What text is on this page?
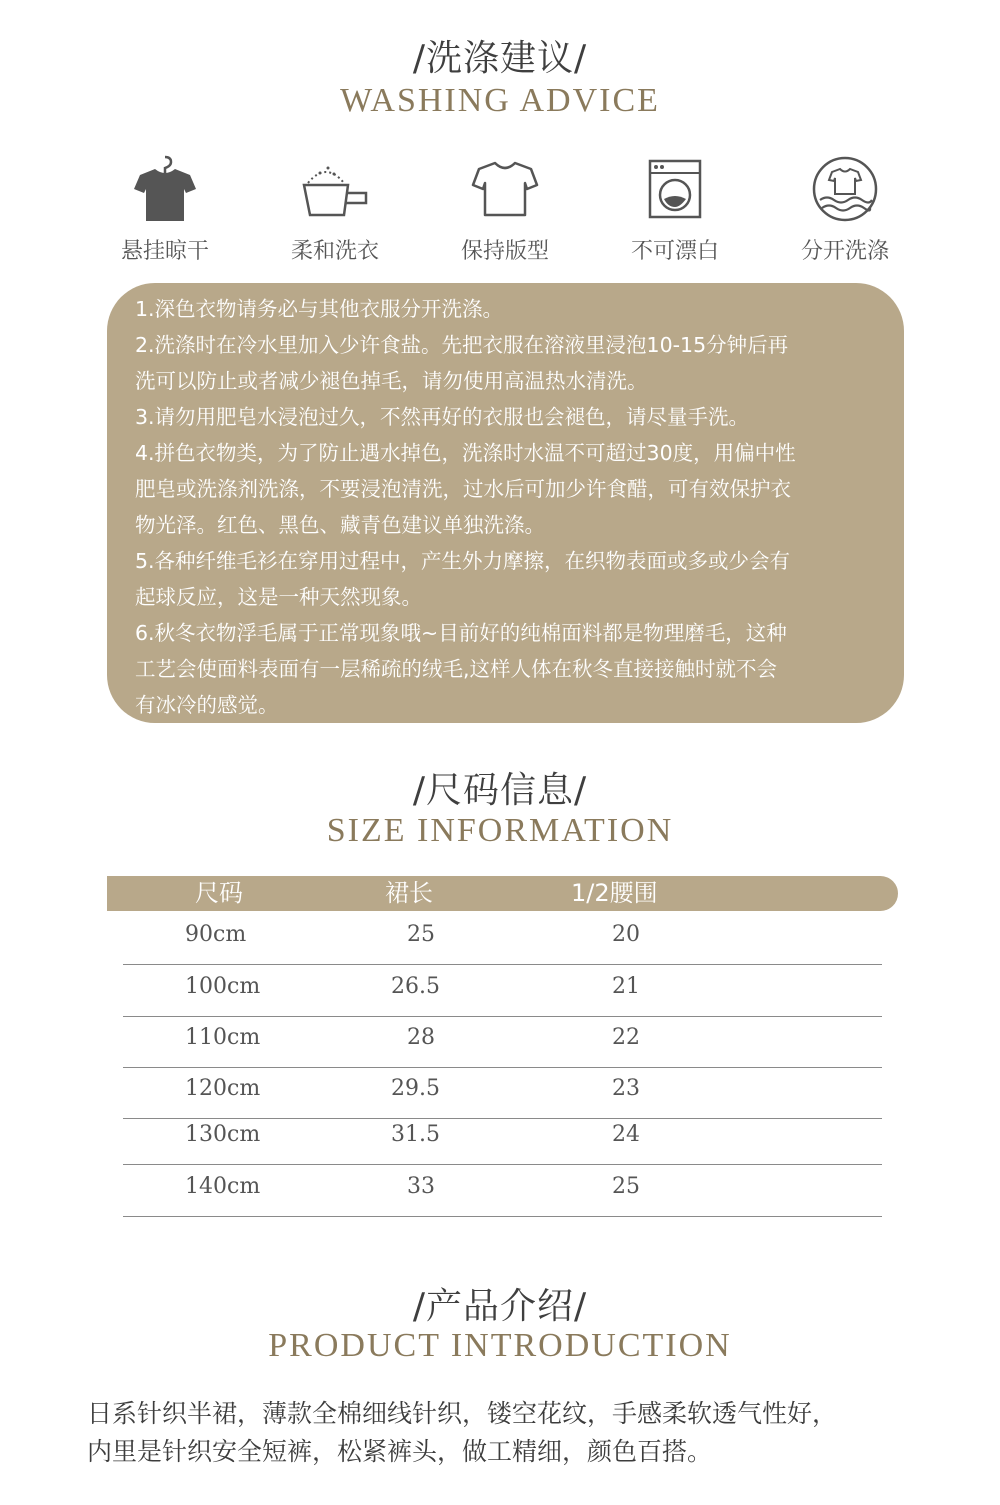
/洗涤建议/
WASHING ADVICE
悬挂晾干	柔和洗衣	保持版型	不可漂白	分开洗涤

1.深色衣物请务必与其他衣服分开洗涤。

2.洗涤时在冷水里加入少许食盐。先把衣服在溶液里浸泡10-15分钟后再

洗可以防止或者减少褪色掉毛，请勿使用高温热水清洗。

3.请勿用肥皂水浸泡过久，不然再好的衣服也会褪色，请尽量手洗。

4.拼色衣物类，为了防止遇水掉色，洗涤时水温不可超过30度，用偏中性

肥皂或洗涤剂洗涤，不要浸泡清洗，过水后可加少许食醋，可有效保护衣

物光泽。红色、黑色、藏青色建议单独洗涤。

5.各种纤维毛衫在穿用过程中，产生外力摩擦，在织物表面或多或少会有

起球反应，这是一种天然现象。

6.秋冬衣物浮毛属于正常现象哦~目前好的纯棉面料都是物理磨毛，这种

工艺会使面料表面有一层稀疏的绒毛,这样人体在秋冬直接接触时就不会

有冰冷的感觉。

/尺码信息/
SIZE INFORMATION
尺码	裙长	1/2腰围
90cm	25	20
100cm	26.5	21
110cm	28	22
120cm	29.5	23
130cm	31.5	24
140cm	33	25
/产品介绍/
PRODUCT INTRODUCTION
日系针织半裙，薄款全棉细线针织，镂空花纹，手感柔软透气性好，
内里是针织安全短裤，松紧裤头，做工精细，颜色百搭。
